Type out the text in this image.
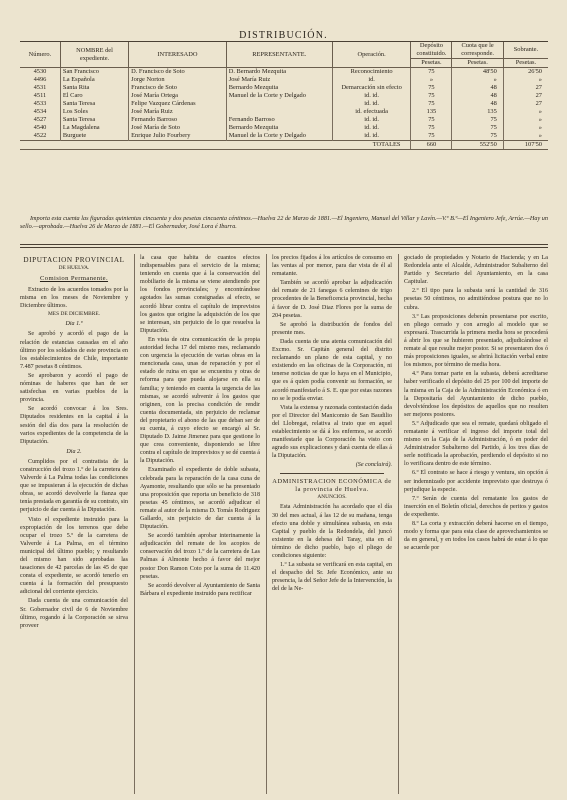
DISTRIBUCIÓN.
Número.	NOMBRE del expediente.	INTERESADO	REPRESENTANTE.	Operación.	Depósito constituido.	Cuota que le corresponde.	Sobrante.
					Pesetas.	Pesetas.	Pesetas.
4530	San Francisco	D. Francisco de Soto	D. Bernardo Mezquita	Reconocimiento	75	48'50	26'50
4496	La Española	Jorge Norton	José María Ruiz	id.	»	»	»
4531	Santa Rita	Francisco de Soto	Bernardo Mezquita	Demarcación sin efecto	75	48	27
4511	El Caro	José María Ortega	Manuel de la Corte y Delgado	id. id.	75	48	27
4533	Santa Teresa	Felipe Vazquez Cárdenas		id. id.	75	48	27
4534	Los Soles	José María Ruiz		id. efectuada	135	135	»
4527	Santa Teresa	Fernando Barroso	Fernando Barroso	id. id.	75	75	»
4540	La Magdalena	José María de Soto	Bernardo Mezquita	id. id.	75	75	»
4522	Burguete	Enrique Julio Fourbery	Manuel de la Corte y Delgado	id. id.	75	75	»
TOTALES					660	552'50	107'50
Importa esta cuenta las figuradas quinientas cincuenta y dos pesetas cincuenta céntimos.—Huelva 22 de Marzo de 1881.—El Ingeniero, Manuel del Villar y Lavín.—V.º B.º—El Ingeniero Jefe, Arrúe.—Hay un sello.—aprobada.—Huelva 26 de Marzo de 1881.—El Gobernador, José Lora é Iburra.
DIPUTACION PROVINCIAL
DE HUELVA.
Comision Permanente.

Extracto de los acuerdos tomados por la misma en los meses de Noviembre y Diciembre últimos.

MES DE DICIEMBRE.

Dia 1.º

Se aprobó y acordó el pago de la relación de estancias causadas en el año último por los soldados de este provincia en los establecimientos de Chile, importante 7.487 pesetas 8 céntimos.

Se aprobaron y acordó el pago de nóminas de haberes que han de ser satisfechas en varias pueblos de la provincia.

Se acordó convocar á los Sres. Diputados residentes en la capital á la sesión del día dos para la resolución de varios expedientes de la competencia de la Diputación.

Dia 2.

Cumplidos por el contratista de la construcción del trozo 1.º de la carretera de Valverde á La Palma todas las condiciones que se impusieran á la ejecución de dichas obras, se acordó devolverle la fianza que tenía prestada en garantía de su contrato, sin perjuicio de dar cuenta á la Diputación.

Visto el expediente instruido para la expropiación de los terrenos que debe ocupar el trozo 5.º de la carretera de Valverde á La Palma, en el término municipal del último pueblo; y resultando del mismo han sido aprobadas las tasaciones de 42 parcelas de las 45 de que consta el expediente, se acordó tenerlo en cuenta á la formación del presupuesto adicional del corriente ejercicio.

Dada cuenta de una comunicación del Sr. Gobernador civil de 6 de Noviembre último, rogando á la Corporación se sirva proveer

la casa que habita de cuantos efectos indispensables para el servicio de la misma; teniendo en cuenta que á la conservación del mobiliario de la misma se viene atendiendo por los fondos provinciales; y encontrándose agotados las sumas consignadas al efecto, se acordó librar contra el capítulo de imprevistos los gastos que origine la adquisición de los que se interesan, sin perjuicio de lo que resuelva la Diputación.

En vista de otra comunicación de la propia autoridad fecha 17 del mismo mes, reclamando con urgencia la ejecución de varias obras en la mencionada casa, unas de reparación y por el estado de ruina en que se encuentra y otras de reforma para que pueda alojarse en ella su familia; y teniendo en cuenta la urgencia de las mismas, se acordó subvenir á los gastos que originen, con la precisa condición de rendir cuenta documentada, sin perjuicio de reclamar del propietario el abono de las que deban ser de su cuenta, á cuyo efecto se encargó al Sr. Diputado D. Jaime Jimenez para que gestione lo que crea conveniente, disponiendo se libre contra el capítulo de imprevistos y se dé cuenta á la Diputación.

Examinado el expediente de doble subasta, celebrada para la reparación de la casa cuna de Ayamonte, resultando que sólo se ha presentado una proposición que reporta un beneficio de 318 pesetas 45 céntimos, se acordó adjudicar el remate al autor de la misma D. Tomás Rodriguez Gallardo, sin perjuicio de dar cuenta á la Diputación.

Se acordó también aprobar interinamente la adjudicación del remate de los acopios de conservación del trozo 1.º de la carretera de Las Palmas á Almonte hecho á favor del mejor postor Don Ramon Coto por la suma de 11.420 pesetas.

Se acordó devolver al Ayuntamiento de Santa Bárbara el expediente instruido para rectificar

los precios fijados á los artículos de consumo en las ventas al por menor, para dar vista de él al rematante.

También se acordó aprobar la adjudicación del remate de 21 fanegas 6 celemines de trigo procedentes de la Beneficencia provincial, hecha á favor de D. José Diaz Flores por la suma de 204 pesetas.

Se aprobó la distribución de fondos del presente mes.

Dada cuenta de una atenta comunicación del Excmo. Sr. Capitán general del distrito reclamando un plano de esta capital, y no existiendo en las oficinas de la Corporación, ni tenerse noticias de que lo haya en el Municipio, que es á quien podía convenir su formación, se acordó manifestarlo á S. E. que por estas razones no se le podía enviar.

Vista la extensa y razonada contestación dada por el Director del Manicomio de San Baudilio del Llobregat, relativa al trato que en aquel establecimiento se dá á los enfermos, se acordó manifestarle que la Corporación ha visto con agrado sus explicaciones y dará cuenta de ellas á la Diputación.

(Se concluirá).

ADMINISTRACION ECONÓMICA de la provincia de Huelva.
ANUNCIOS.

Esta Administración ha acordado que el día 30 del mes actual, á las 12 de su mañana, tenga efecto una doble y simultánea subasta, en esta Capital y pueblo de la Redondela, del juncó existente en la dehesa del Taray, sita en el término de dicho pueblo, bajo el pliego de condiciones siguiente:

1.º La subasta se verificará en esta capital, en el despacho del Sr. Jefe Económico, ante su presencia, la del Señor Jefe de la Intervención, la del de la Ne-

gociado de propiedades y Notario de Hacienda; y en La Redondela ante el Alcalde, Administrador Subalterno del Partido y Secretario del Ayuntamiento, en la casa Capitular.

2.º El tipo para la subasta será la cantidad de 316 pesetas 50 céntimos, no admitiéndose postura que no lo cubra.

3.º Las proposiciones deberán presentarse por escrito, en pliego cerrado y con arreglo al modelo que se expresará. Trascurrida la primera media hora se procederá á abrir los que se hubieren presentado, adjudicándose el remate al que resulte mejor postor. Si se presentaren dos ó más proposiciones iguales, se abrirá licitación verbal entre los mismos, por término de media hora.

4.º Para tomar parte en la subasta, deberá acreditarse haber verificado el depósito del 25 por 100 del importe de la misma en la Caja de la Administración Económica ó en la Depositaría del Ayuntamiento de dicho pueblo, devolviéndose los depósitos de aquellos que no resulten ser mejores postores.

5.º Adjudicado que sea el remate, quedará obligado el rematante á verificar el ingreso del importe total del mismo en la Caja de la Administración, ó en poder del Administrador Subalterno del Partido, á los tres días de serle notificada la aprobación, perdiendo el depósito si no lo verificara dentro de este término.

6.º El contrato se hace á riesgo y ventura, sin opción á ser indemnizado por accidente imprevisto que destruya ó perjudique la especie.

7.º Serán de cuenta del rematante los gastos de inserción en el Boletín oficial, derechos de peritos y gastos de expediente.

8.º La corta y extracción deberá hacerse en el tiempo, modo y forma que para esta clase de aprovechamientos se da en general, y en todos los casos habrá de estar á lo que se acuerde por
